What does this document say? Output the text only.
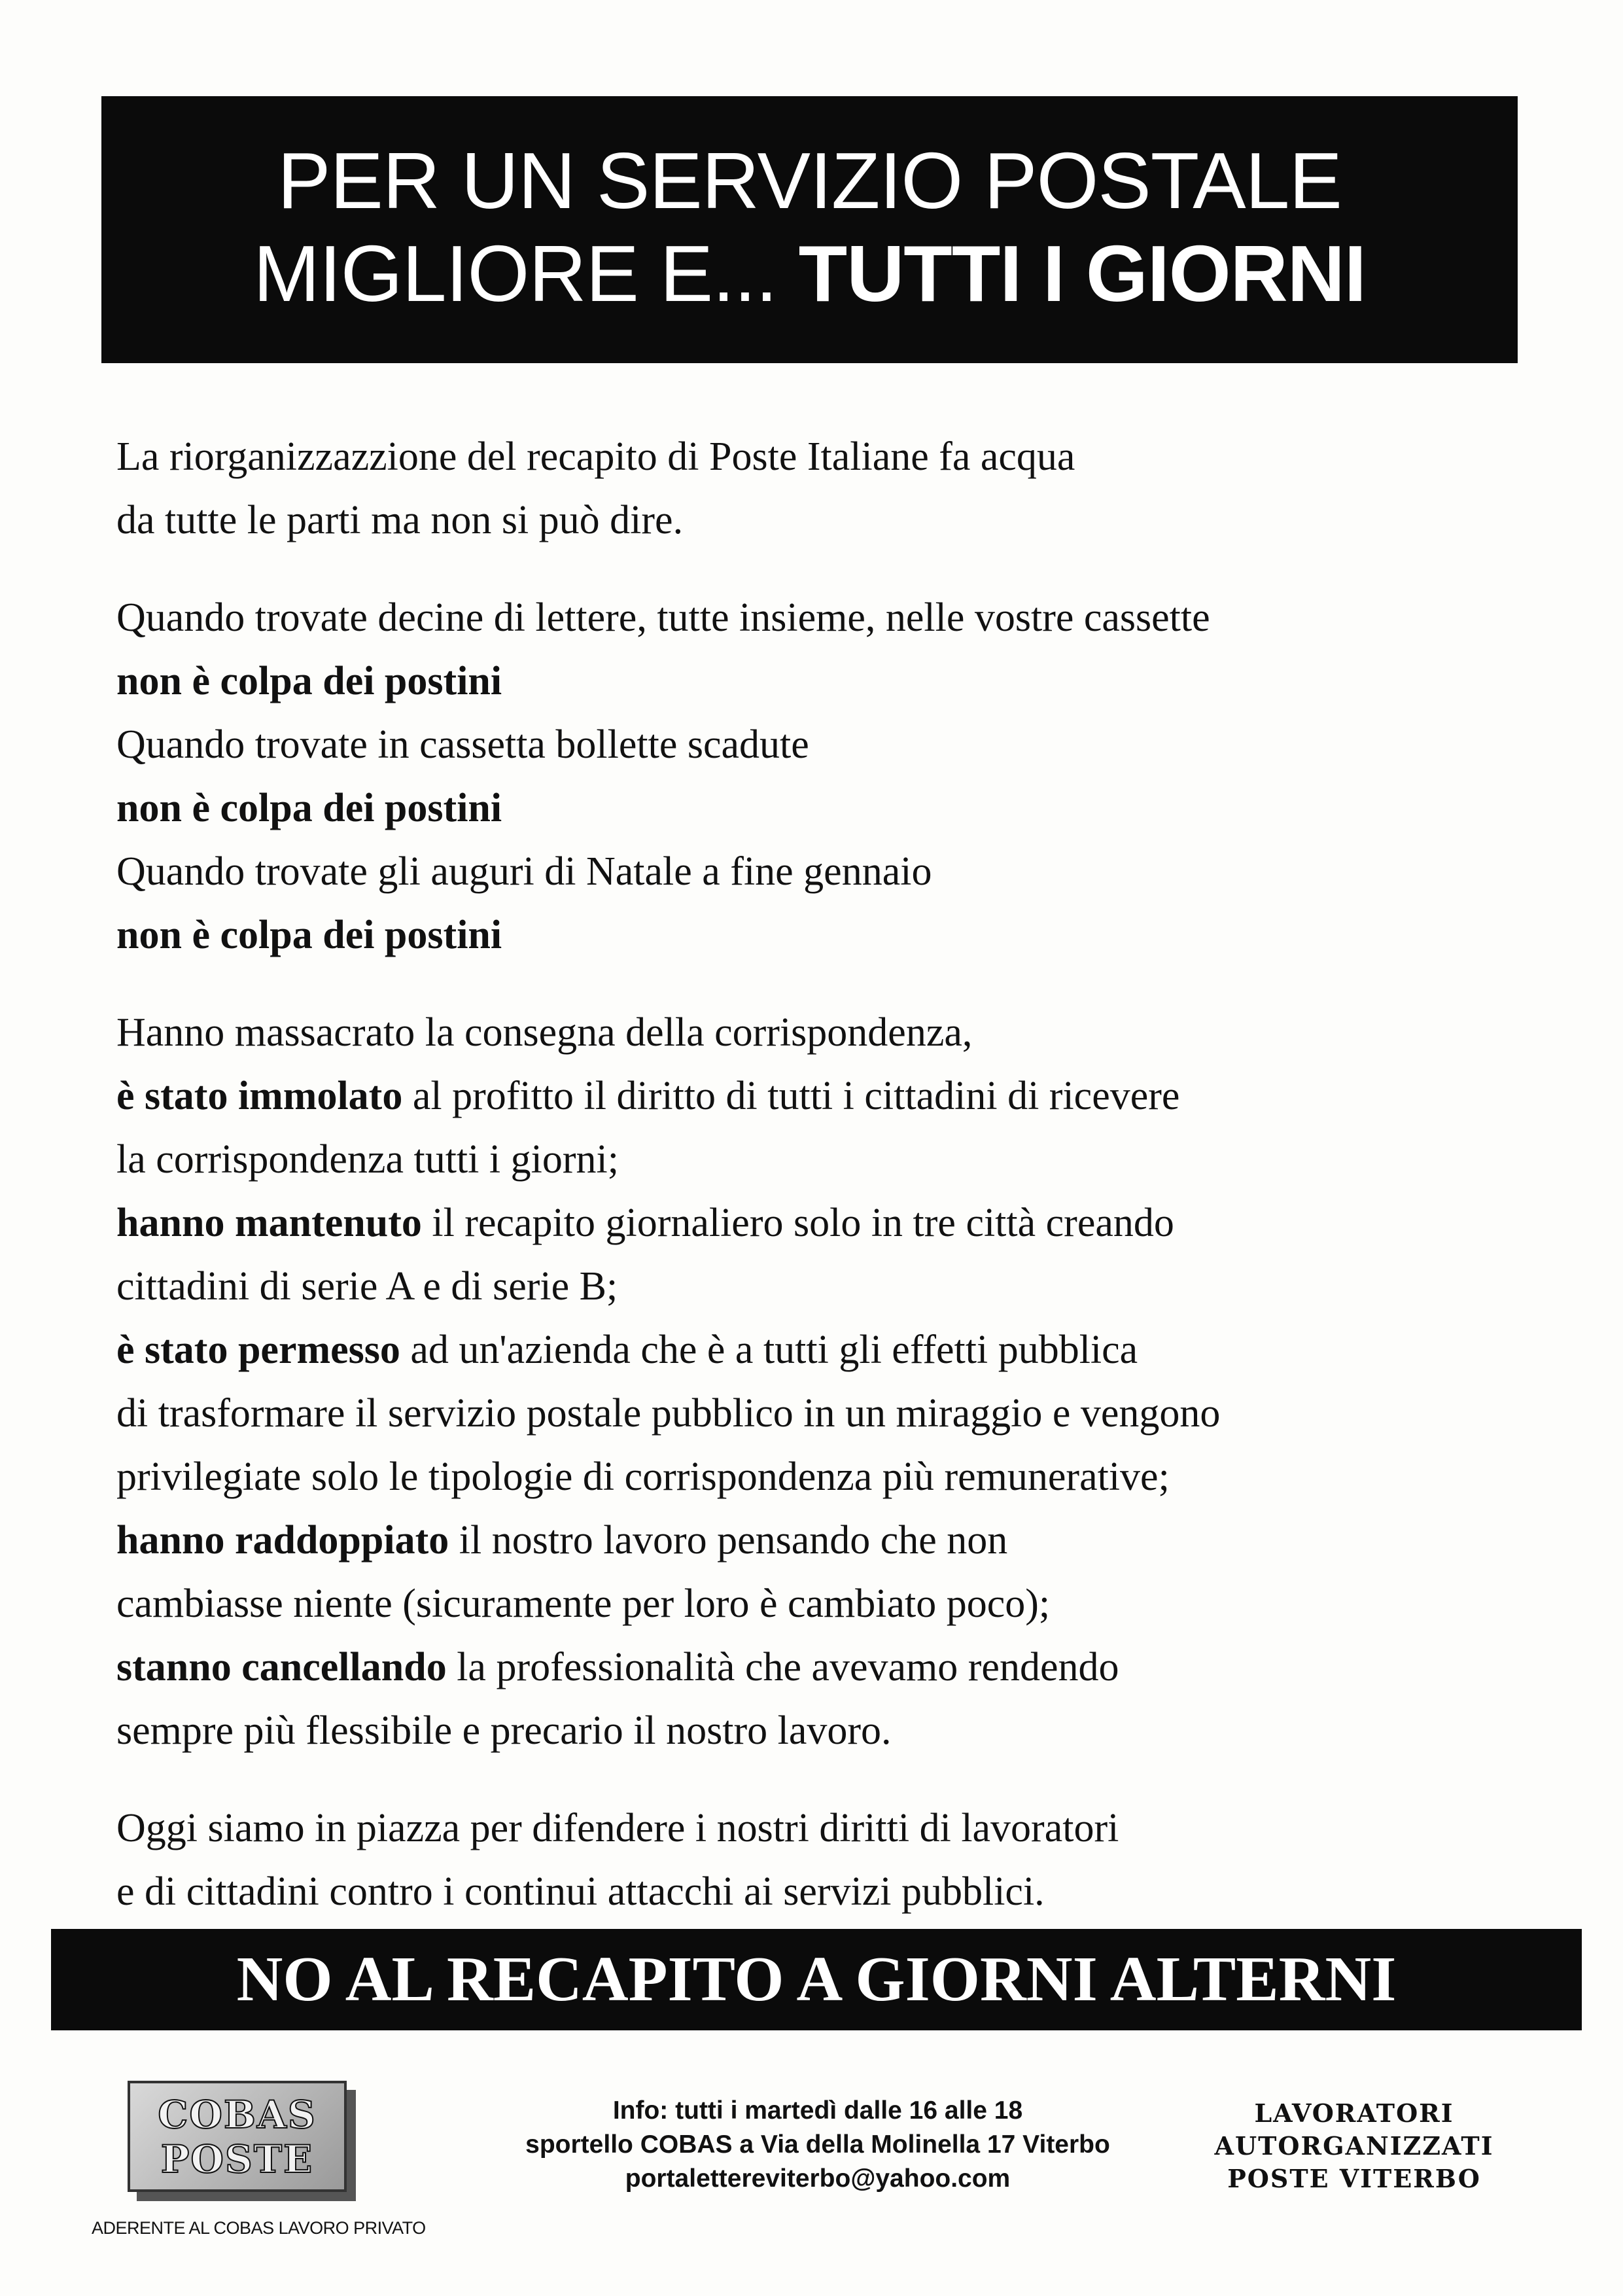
PER UN SERVIZIO POSTALE
MIGLIORE E... TUTTI I GIORNI

La riorganizzazzione del recapito di Poste Italiane fa acqua

da tutte le parti ma non si può dire.

Quando trovate decine di lettere, tutte insieme, nelle vostre cassette

non è colpa dei postini

Quando trovate in cassetta bollette scadute

non è colpa dei postini

Quando trovate gli auguri di Natale a fine gennaio

non è colpa dei postini

Hanno massacrato la consegna della corrispondenza,

è stato immolato al profitto il diritto di tutti i cittadini di ricevere

la corrispondenza tutti i giorni;

hanno mantenuto il recapito giornaliero solo in tre città creando

cittadini di serie A e di serie B;

è stato permesso ad un'azienda che è a tutti gli effetti pubblica

di trasformare il servizio postale pubblico in un miraggio e vengono

privilegiate solo le tipologie di corrispondenza più remunerative;

hanno raddoppiato il nostro lavoro pensando che non

cambiasse niente (sicuramente per loro è cambiato poco);

stanno cancellando la professionalità che avevamo rendendo

sempre più flessibile e precario il nostro lavoro.

Oggi siamo in piazza per difendere i nostri diritti di lavoratori

e di cittadini contro i continui attacchi ai servizi pubblici.

NO AL RECAPITO A GIORNI ALTERNI
COBAS
POSTE
ADERENTE AL COBAS LAVORO PRIVATO
Info: tutti i martedì dalle 16 alle 18
sportello COBAS a Via della Molinella 17 Viterbo
portalettereviterbo@yahoo.com
LAVORATORI
AUTORGANIZZATI
POSTE VITERBO
